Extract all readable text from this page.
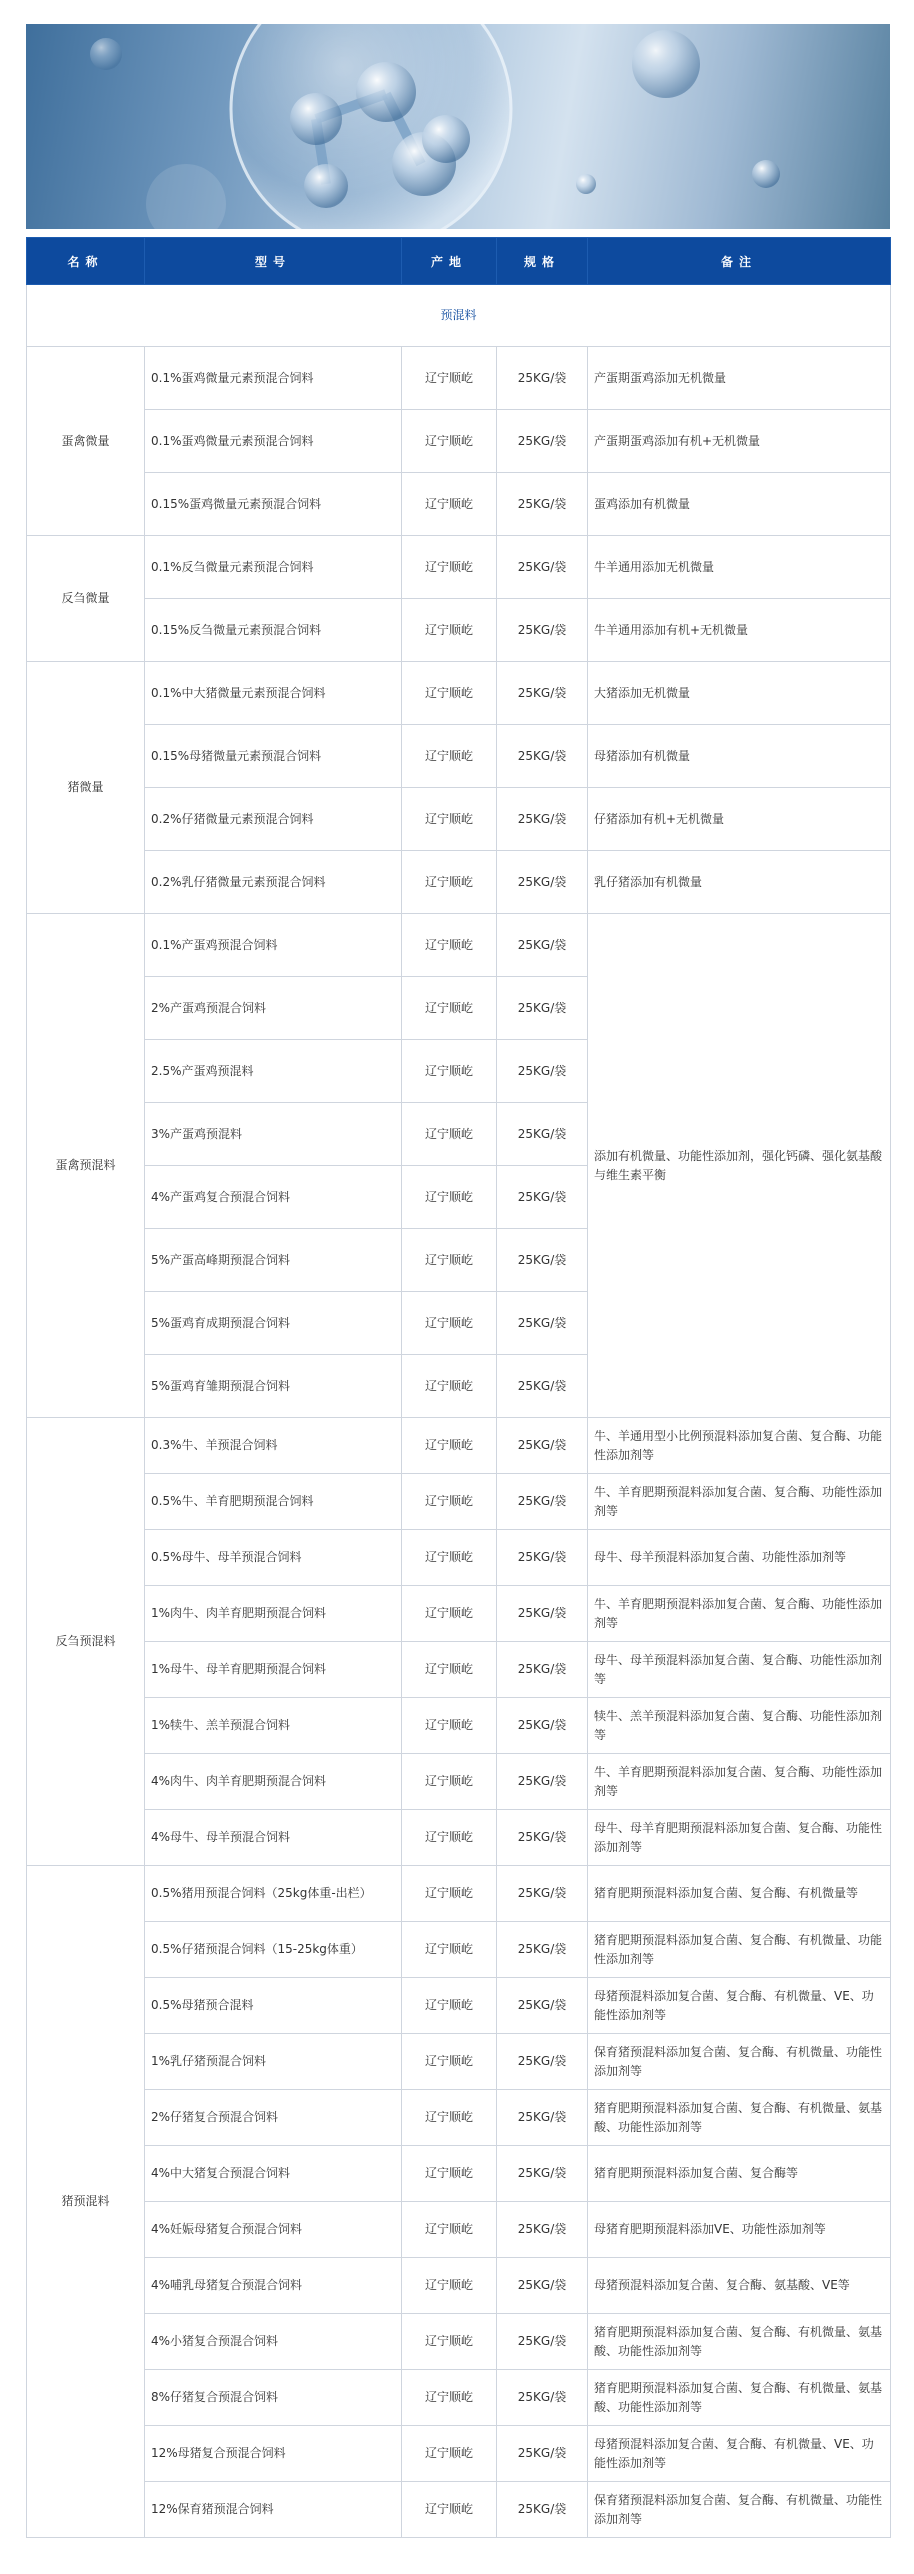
名称	型号	产地	规格	备注
预混料				
蛋禽微量	0.1%蛋鸡微量元素预混合饲料	辽宁顺屹	25KG/袋	产蛋期蛋鸡添加无机微量
	0.1%蛋鸡微量元素预混合饲料	辽宁顺屹	25KG/袋	产蛋期蛋鸡添加有机+无机微量
	0.15%蛋鸡微量元素预混合饲料	辽宁顺屹	25KG/袋	蛋鸡添加有机微量
反刍微量	0.1%反刍微量元素预混合饲料	辽宁顺屹	25KG/袋	牛羊通用添加无机微量
	0.15%反刍微量元素预混合饲料	辽宁顺屹	25KG/袋	牛羊通用添加有机+无机微量
猪微量	0.1%中大猪微量元素预混合饲料	辽宁顺屹	25KG/袋	大猪添加无机微量
	0.15%母猪微量元素预混合饲料	辽宁顺屹	25KG/袋	母猪添加有机微量
	0.2%仔猪微量元素预混合饲料	辽宁顺屹	25KG/袋	仔猪添加有机+无机微量
	0.2%乳仔猪微量元素预混合饲料	辽宁顺屹	25KG/袋	乳仔猪添加有机微量
蛋禽预混料	0.1%产蛋鸡预混合饲料	辽宁顺屹	25KG/袋	添加有机微量、功能性添加剂，强化钙磷、强化氨基酸与维生素平衡
	2%产蛋鸡预混合饲料	辽宁顺屹	25KG/袋	
	2.5%产蛋鸡预混料	辽宁顺屹	25KG/袋	
	3%产蛋鸡预混料	辽宁顺屹	25KG/袋	
	4%产蛋鸡复合预混合饲料	辽宁顺屹	25KG/袋	
	5%产蛋高峰期预混合饲料	辽宁顺屹	25KG/袋	
	5%蛋鸡育成期预混合饲料	辽宁顺屹	25KG/袋	
	5%蛋鸡育雏期预混合饲料	辽宁顺屹	25KG/袋	
反刍预混料	0.3%牛、羊预混合饲料	辽宁顺屹	25KG/袋	牛、羊通用型小比例预混料添加复合菌、复合酶、功能性添加剂等
	0.5%牛、羊育肥期预混合饲料	辽宁顺屹	25KG/袋	牛、羊育肥期预混料添加复合菌、复合酶、功能性添加剂等
	0.5%母牛、母羊预混合饲料	辽宁顺屹	25KG/袋	母牛、母羊预混料添加复合菌、功能性添加剂等
	1%肉牛、肉羊育肥期预混合饲料	辽宁顺屹	25KG/袋	牛、羊育肥期预混料添加复合菌、复合酶、功能性添加剂等
	1%母牛、母羊育肥期预混合饲料	辽宁顺屹	25KG/袋	母牛、母羊预混料添加复合菌、复合酶、功能性添加剂等
	1%犊牛、羔羊预混合饲料	辽宁顺屹	25KG/袋	犊牛、羔羊预混料添加复合菌、复合酶、功能性添加剂等
	4%肉牛、肉羊育肥期预混合饲料	辽宁顺屹	25KG/袋	牛、羊育肥期预混料添加复合菌、复合酶、功能性添加剂等
	4%母牛、母羊预混合饲料	辽宁顺屹	25KG/袋	母牛、母羊育肥期预混料添加复合菌、复合酶、功能性添加剂等
猪预混料	0.5%猪用预混合饲料（25kg体重-出栏）	辽宁顺屹	25KG/袋	猪育肥期预混料添加复合菌、复合酶、有机微量等
	0.5%仔猪预混合饲料（15-25kg体重）	辽宁顺屹	25KG/袋	猪育肥期预混料添加复合菌、复合酶、有机微量、功能性添加剂等
	0.5%母猪预合混料	辽宁顺屹	25KG/袋	母猪预混料添加复合菌、复合酶、有机微量、VE、功能性添加剂等
	1%乳仔猪预混合饲料	辽宁顺屹	25KG/袋	保育猪预混料添加复合菌、复合酶、有机微量、功能性添加剂等
	2%仔猪复合预混合饲料	辽宁顺屹	25KG/袋	猪育肥期预混料添加复合菌、复合酶、有机微量、氨基酸、功能性添加剂等
	4%中大猪复合预混合饲料	辽宁顺屹	25KG/袋	猪育肥期预混料添加复合菌、复合酶等
	4%妊娠母猪复合预混合饲料	辽宁顺屹	25KG/袋	母猪育肥期预混料添加VE、功能性添加剂等
	4%哺乳母猪复合预混合饲料	辽宁顺屹	25KG/袋	母猪预混料添加复合菌、复合酶、氨基酸、VE等
	4%小猪复合预混合饲料	辽宁顺屹	25KG/袋	猪育肥期预混料添加复合菌、复合酶、有机微量、氨基酸、功能性添加剂等
	8%仔猪复合预混合饲料	辽宁顺屹	25KG/袋	猪育肥期预混料添加复合菌、复合酶、有机微量、氨基酸、功能性添加剂等
	12%母猪复合预混合饲料	辽宁顺屹	25KG/袋	母猪预混料添加复合菌、复合酶、有机微量、VE、功能性添加剂等
	12%保育猪预混合饲料	辽宁顺屹	25KG/袋	保育猪预混料添加复合菌、复合酶、有机微量、功能性添加剂等
